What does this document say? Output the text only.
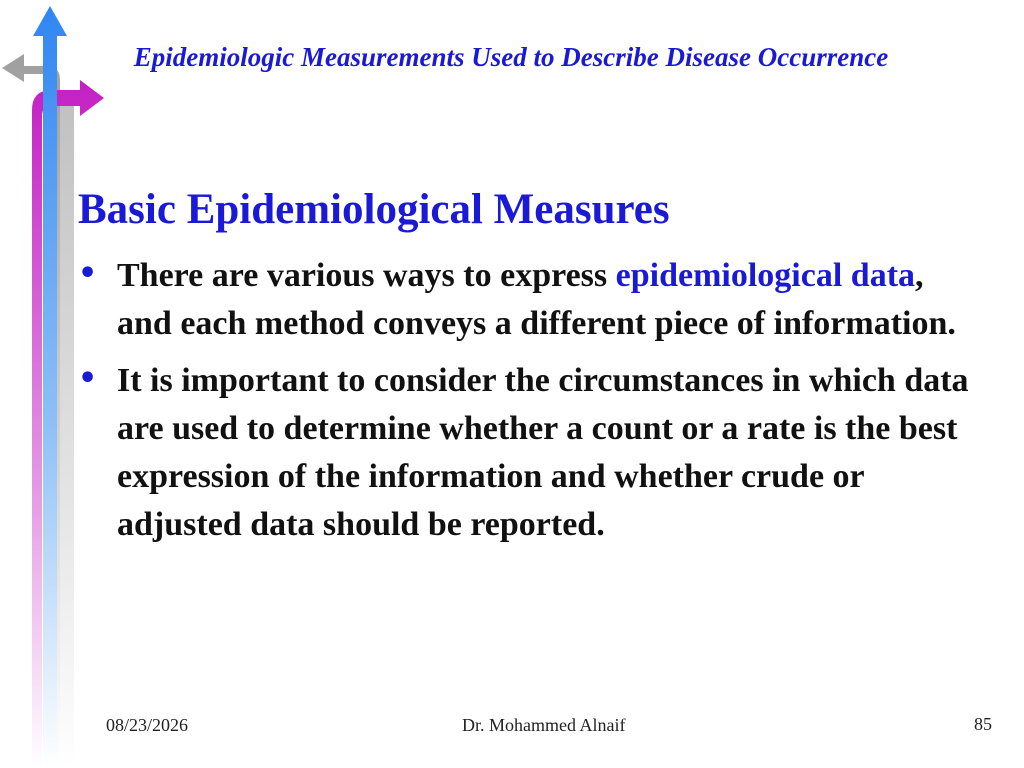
Epidemiologic Measurements Used to Describe Disease Occurrence
Basic Epidemiological Measures
• There are various ways to express epidemiological data, and each method conveys a different piece of information.
• It is important to consider the circumstances in which data are used to determine whether a count or a rate is the best expression of the information and whether crude or adjusted data should be reported.
08/23/2026	Dr. Mohammed Alnaif	85
